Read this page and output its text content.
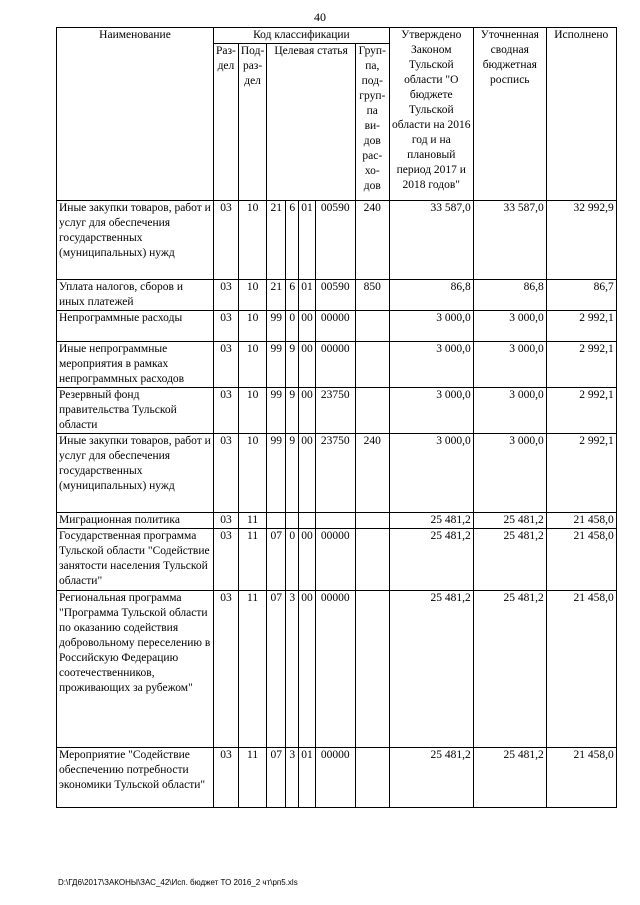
40
Наименование	Код классификации							Утверждено Законом Тульской области "О бюджете Тульской области на 2016 год и на плановый период 2017 и 2018 годов"	Уточненная сводная бюджетная роспись	Исполнено
	Раз-дел	Под-раз-дел	Целевая статья				Груп-па, под-груп-па ви-дов рас-хо-дов			
Иные закупки товаров, работ и услуг для обеспечения государственных (муниципальных) нужд	03	10	21	6	01	00590	240	33 587,0	33 587,0	32 992,9
Уплата налогов, сборов и иных платежей	03	10	21	6	01	00590	850	86,8	86,8	86,7
Непрограммные расходы	03	10	99	0	00	00000		3 000,0	3 000,0	2 992,1
Иные непрограммные мероприятия в рамках непрограммных расходов	03	10	99	9	00	00000		3 000,0	3 000,0	2 992,1
Резервный фонд правительства Тульской области	03	10	99	9	00	23750		3 000,0	3 000,0	2 992,1
Иные закупки товаров, работ и услуг для обеспечения государственных (муниципальных) нужд	03	10	99	9	00	23750	240	3 000,0	3 000,0	2 992,1
Миграционная политика	03	11						25 481,2	25 481,2	21 458,0
Государственная программа Тульской области "Содействие занятости населения Тульской области"	03	11	07	0	00	00000		25 481,2	25 481,2	21 458,0
Региональная программа "Программа Тульской области по оказанию содействия добровольному переселению в Российскую Федерацию соотечественников, проживающих за рубежом"	03	11	07	3	00	00000		25 481,2	25 481,2	21 458,0
Мероприятие "Содействие обеспечению потребности экономики Тульской области"	03	11	07	3	01	00000		25 481,2	25 481,2	21 458,0
D:\ГД6\2017\ЗАКОНЫ\ЗАС_42\Исп. бюджет ТО 2016_2 чт\рп5.xls
